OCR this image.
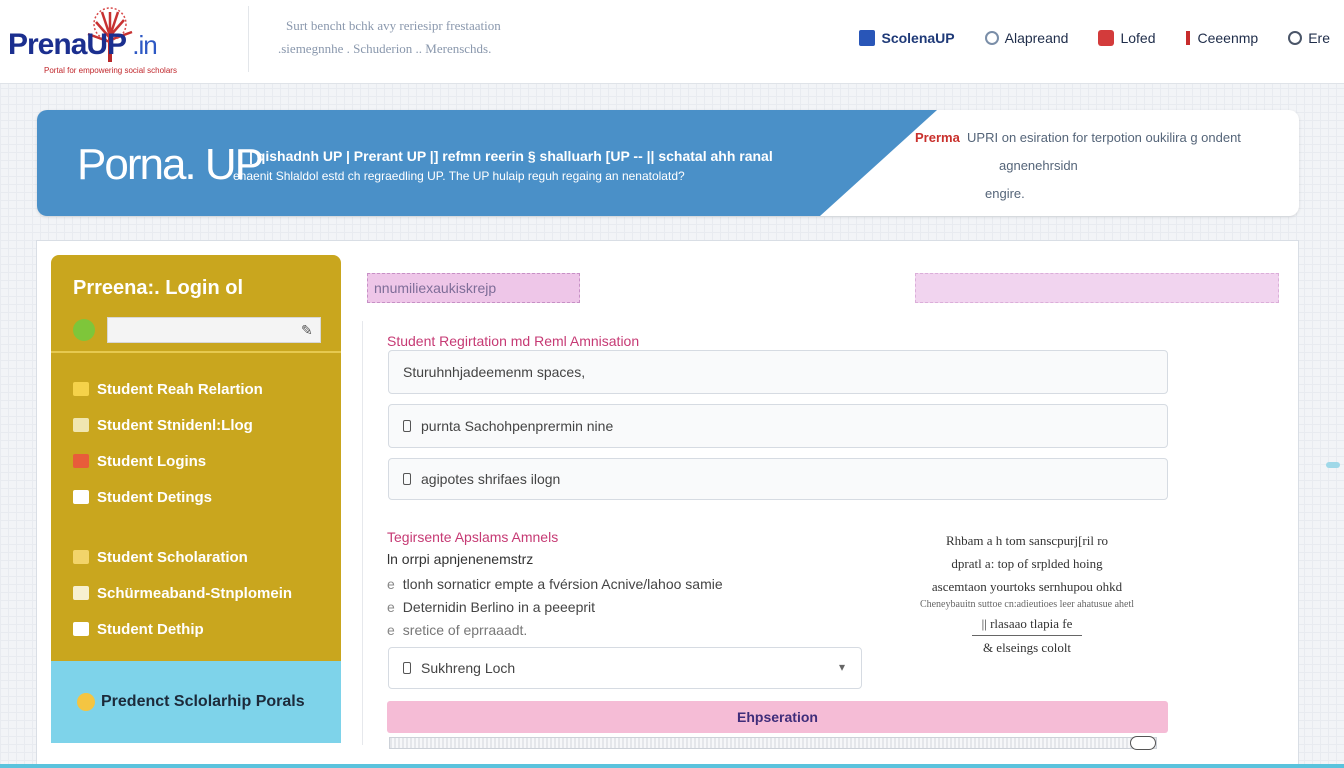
PrenaUP .in
Portal for empowering social scholars
Surt bencht bchk avy reriesipr frestaation
.siemegnnhe . Schuderion .. Merenschds.
ScolenaUP	Alapreand	Lofed	Ceeenmp	Ere
Porna. UP
| qishadnh UP | Prerant UP |] refmn reerin § shalluarh [UP -- || schatal ahh ranal
enaenit Shlaldol estd ch regraedling UP. The UP hulaip reguh regaing an nenatolatd?
Prerma UPRI on esiration for terpotion oukilira g ondent
agnenehrsidn
engire.
Prreena:. Login ol
✎
Student Reah Relartion
Student Stnidenl:Llog
Student Logins
Student Detings
Student Scholaration
Schürmeaband-Stnplomein
Student Dethip
Predenct Sclolarhip Porals
nnumiliexaukiskrejp
Student Regirtation md Reml Amnisation
Sturuhnhjadeemenm spaces,
purnta Sachohpenprermin nine
agipotes shrifaes ilogn
Tegirsente Apslams Amnels
ln orrpi apnjenenemstrz
e tlonh sornaticr empte a fvérsion Acnive/lahoo samie
e Deternidin Berlino in a peeeprit
e sretice of eprraaadt.
Rhbam a h tom sanscpurj[ril ro
dpratl a: top of srplded hoing
ascemtaon yourtoks sernhupou ohkd
Cheneybauitn suttoe cn:adieutioes leer ahatusue ahetl
|| rlasaao tlapia fe
& elseings cololt
Sukhreng Loch	▾
Ehpseration
